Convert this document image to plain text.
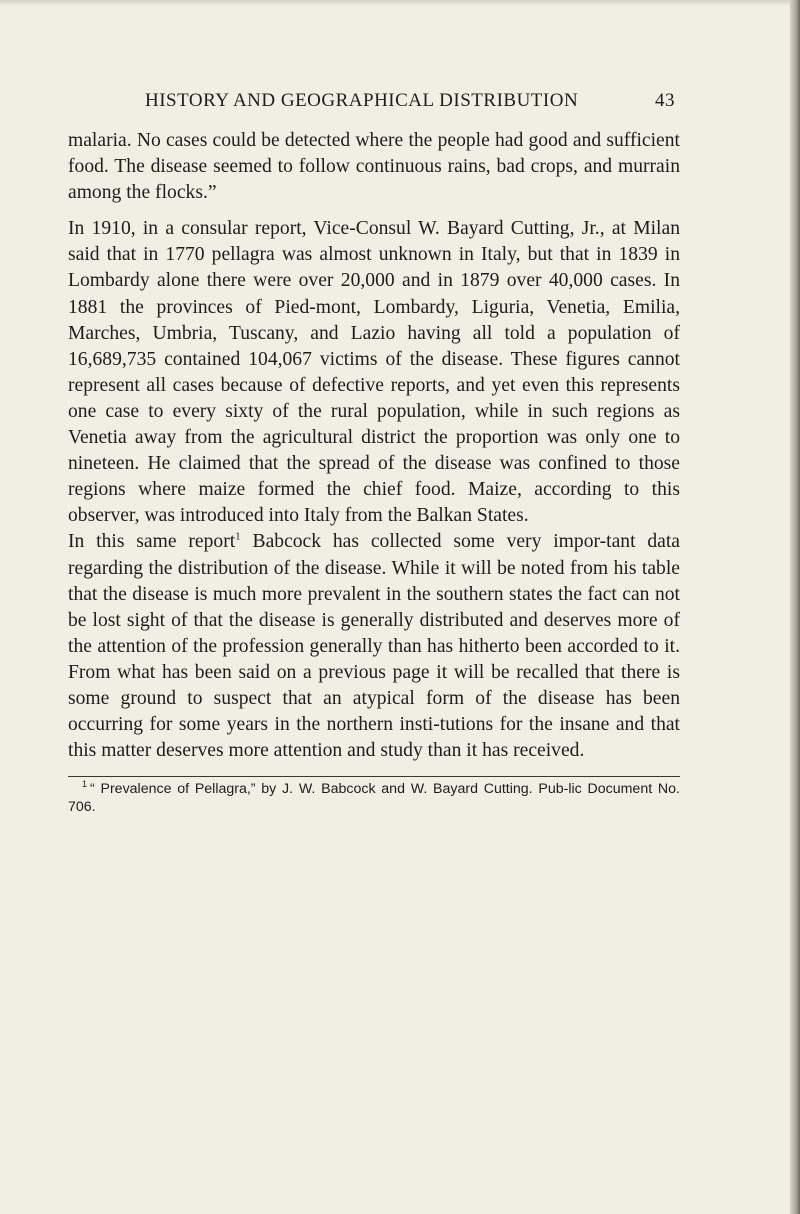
HISTORY AND GEOGRAPHICAL DISTRIBUTION	43

malaria. No cases could be detected where the people had good and sufficient food. The disease seemed to follow continuous rains, bad crops, and murrain among the flocks.”

In 1910, in a consular report, Vice-Consul W. Bayard Cutting, Jr., at Milan said that in 1770 pellagra was almost unknown in Italy, but that in 1839 in Lombardy alone there were over 20,000 and in 1879 over 40,000 cases. In 1881 the provinces of Pied-mont, Lombardy, Liguria, Venetia, Emilia, Marches, Umbria, Tuscany, and Lazio having all told a population of 16,689,735 contained 104,067 victims of the disease. These figures cannot represent all cases because of defective reports, and yet even this represents one case to every sixty of the rural population, while in such regions as Venetia away from the agricultural district the proportion was only one to nineteen. He claimed that the spread of the disease was confined to those regions where maize formed the chief food. Maize, according to this observer, was introduced into Italy from the Balkan States.

In this same report$^1$ Babcock has collected some very impor-tant data regarding the distribution of the disease. While it will be noted from his table that the disease is much more prevalent in the southern states the fact can not be lost sight of that the disease is generally distributed and deserves more of the attention of the profession generally than has hitherto been accorded to it. From what has been said on a previous page it will be recalled that there is some ground to suspect that an atypical form of the disease has been occurring for some years in the northern insti-tutions for the insane and that this matter deserves more attention and study than it has received.

$^1$ “ Prevalence of Pellagra,” by J. W. Babcock and W. Bayard Cutting. Pub-lic Document No. 706.
